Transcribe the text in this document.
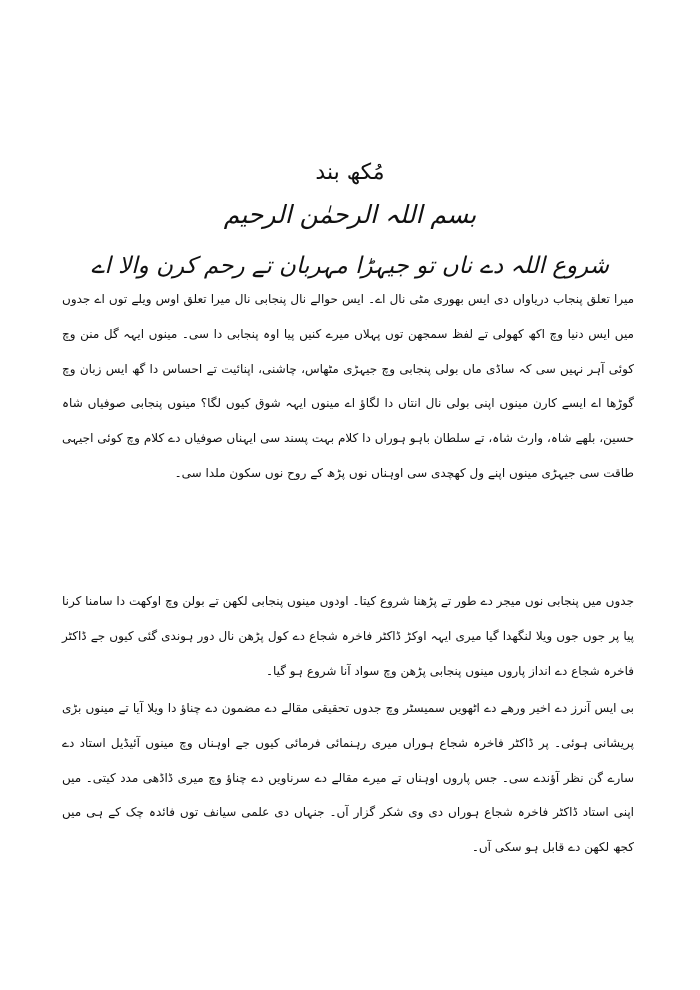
مُکھ بند
بسم اللہ الرحمٰن الرحیم
شروع اللہ دے ناں تو جیہڑا مہربان تے رحم کرن والا اے

میرا تعلق پنجاب دریاواں دی ایس بھوری مٹی نال اے۔ ایس حوالے نال پنجابی نال میرا تعلق اوس ویلے توں اے جدوں میں ایس دنیا وچ اکھ کھولی تے لفظ سمجھن توں پہلاں میرے کنیں پیا اوہ پنجابی دا سی۔ مینوں ایہہ گل منن وچ کوئی آہر نہیں سی کہ ساڈی ماں بولی پنجابی وچ جیہڑی مٹھاس، چاشنی، اپنائیت تے احساس دا گھ ایس زبان وچ گوڑھا اے ایسے کارن مینوں اپنی بولی نال انتاں دا لگاؤ اے مینوں ایہہ شوق کیوں لگا؟ مینوں پنجابی صوفیاں شاہ حسین، بلھے شاہ، وارث شاہ، تے سلطان باہو ہوراں دا کلام بہت پسند سی ایہناں صوفیاں دے کلام وچ کوئی اجیہی طاقت سی جیہڑی مینوں اپنے ول کھچدی سی اوہناں نوں پڑھ کے روح نوں سکون ملدا سی۔

جدوں میں پنجابی نوں میجر دے طور تے پڑھنا شروع کیتا۔ اودوں مینوں پنجابی لکھن تے بولن وچ اوکھت دا سامنا کرنا پیا پر جوں جوں ویلا لنگھدا گیا میری ایہہ اوکڑ ڈاکٹر فاخرہ شجاع دے کول پڑھن نال دور ہوندی گئی کیوں جے ڈاکٹر فاخرہ شجاع دے انداز پاروں مینوں پنجابی پڑھن وچ سواد آنا شروع ہو گیا۔

بی ایس آنرز دے اخیر ورھے دے اٹھویں سمیسٹر وچ جدوں تحقیقی مقالے دے مضمون دے چناؤ دا ویلا آیا تے مینوں بڑی پریشانی ہوئی۔ پر ڈاکٹر فاخرہ شجاع ہوراں میری رہنمائی فرمائی کیوں جے اوہناں وچ مینوں آئیڈیل استاد دے سارے گن نظر آؤندے سی۔ جس پاروں اوہناں تے میرے مقالے دے سرناویں دے چناؤ وچ میری ڈاڈھی مدد کیتی۔ میں اپنی استاد ڈاکٹر فاخرہ شجاع ہوراں دی وی شکر گزار آں۔ جنہاں دی علمی سیانف توں فائدہ چک کے ہی میں کجھ لکھن دے قابل ہو سکی آں۔
